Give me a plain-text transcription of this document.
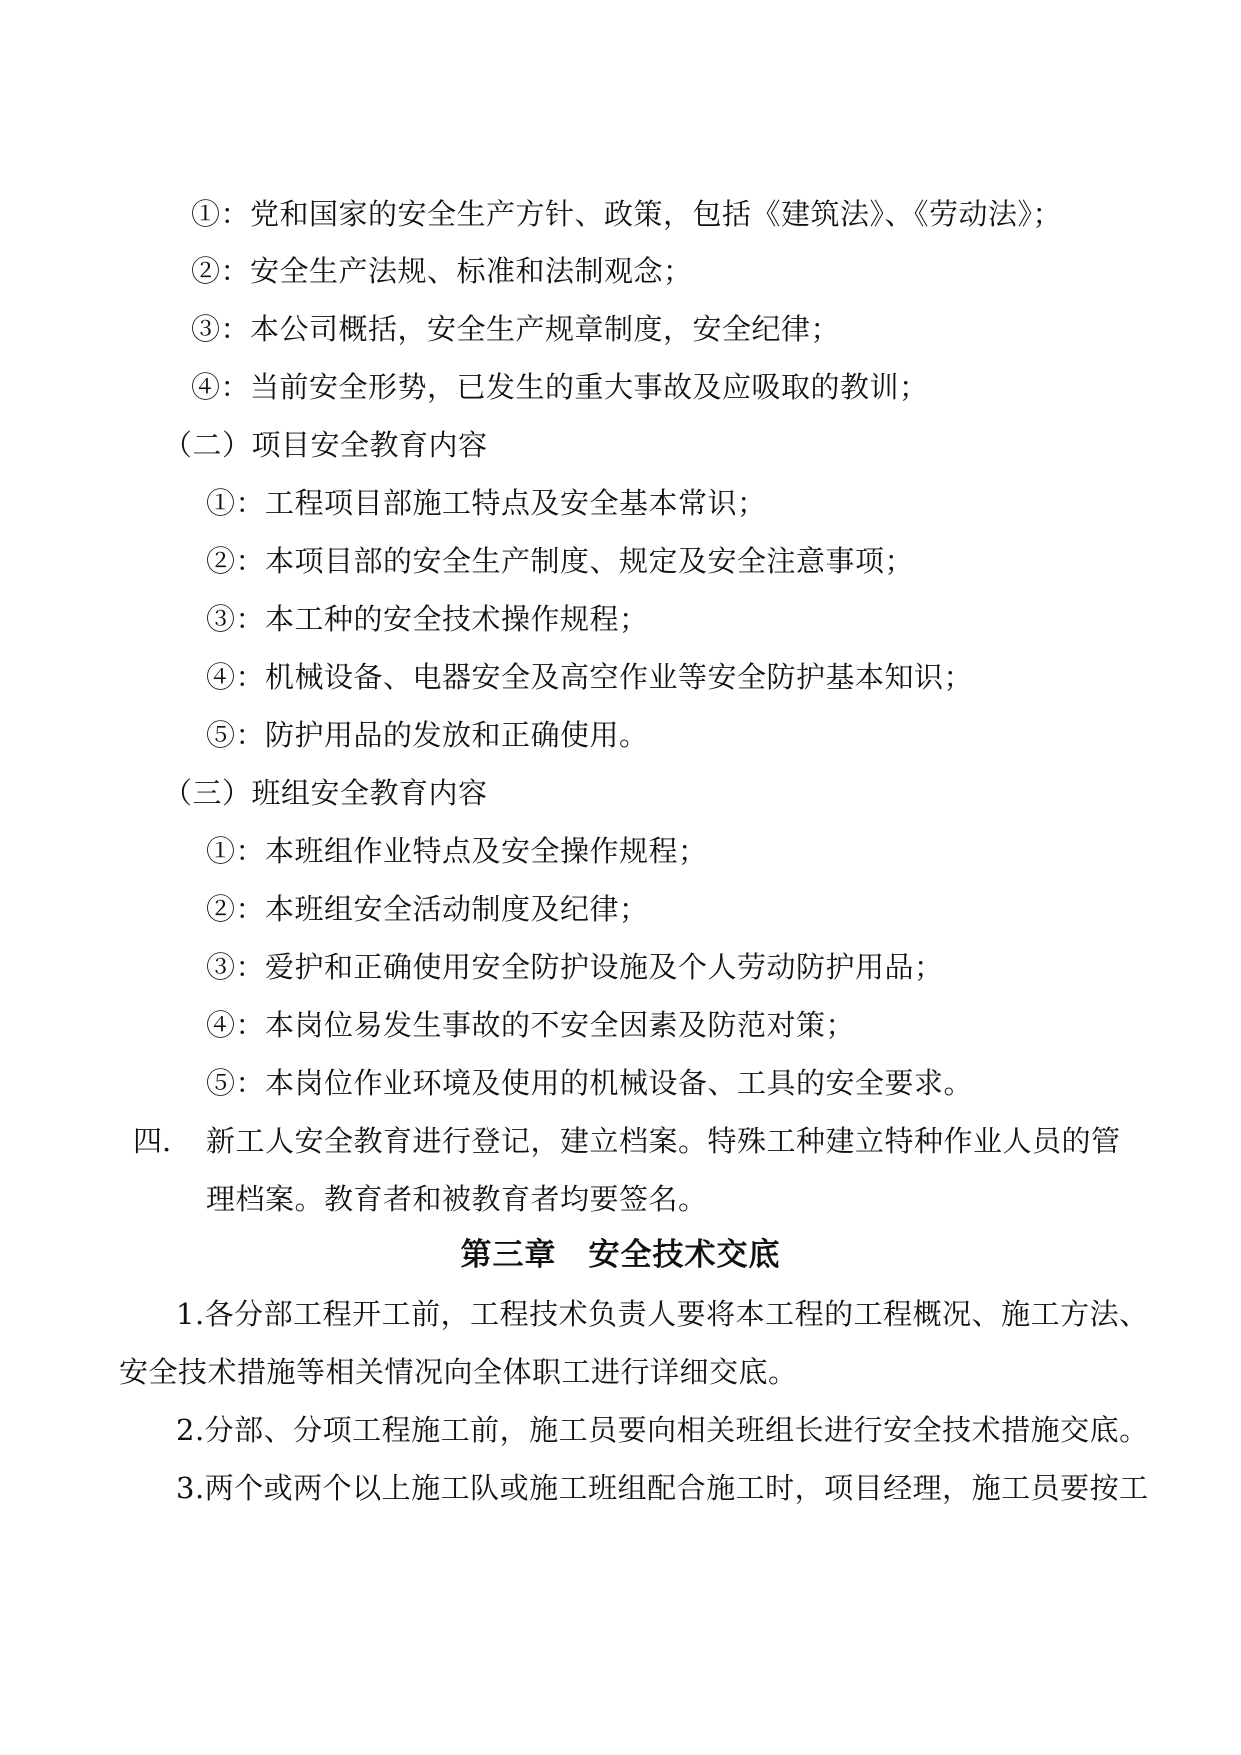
①：党和国家的安全生产方针、政策，包括《建筑法》、《劳动法》；
②：安全生产法规、标准和法制观念；
③：本公司概括，安全生产规章制度，安全纪律；
④：当前安全形势，已发生的重大事故及应吸取的教训；
（二）项目安全教育内容
①：工程项目部施工特点及安全基本常识；
②：本项目部的安全生产制度、规定及安全注意事项；
③：本工种的安全技术操作规程；
④：机械设备、电器安全及高空作业等安全防护基本知识；
⑤：防护用品的发放和正确使用。
（三）班组安全教育内容
①：本班组作业特点及安全操作规程；
②：本班组安全活动制度及纪律；
③：爱护和正确使用安全防护设施及个人劳动防护用品；
④：本岗位易发生事故的不安全因素及防范对策；
⑤：本岗位作业环境及使用的机械设备、工具的安全要求。
四. 新工人安全教育进行登记，建立档案。特殊工种建立特种作业人员的管
理档案。教育者和被教育者均要签名。
第三章　安全技术交底
1.各分部工程开工前，工程技术负责人要将本工程的工程概况、施工方法、
安全技术措施等相关情况向全体职工进行详细交底。
2.分部、分项工程施工前，施工员要向相关班组长进行安全技术措施交底。
3.两个或两个以上施工队或施工班组配合施工时，项目经理，施工员要按工
